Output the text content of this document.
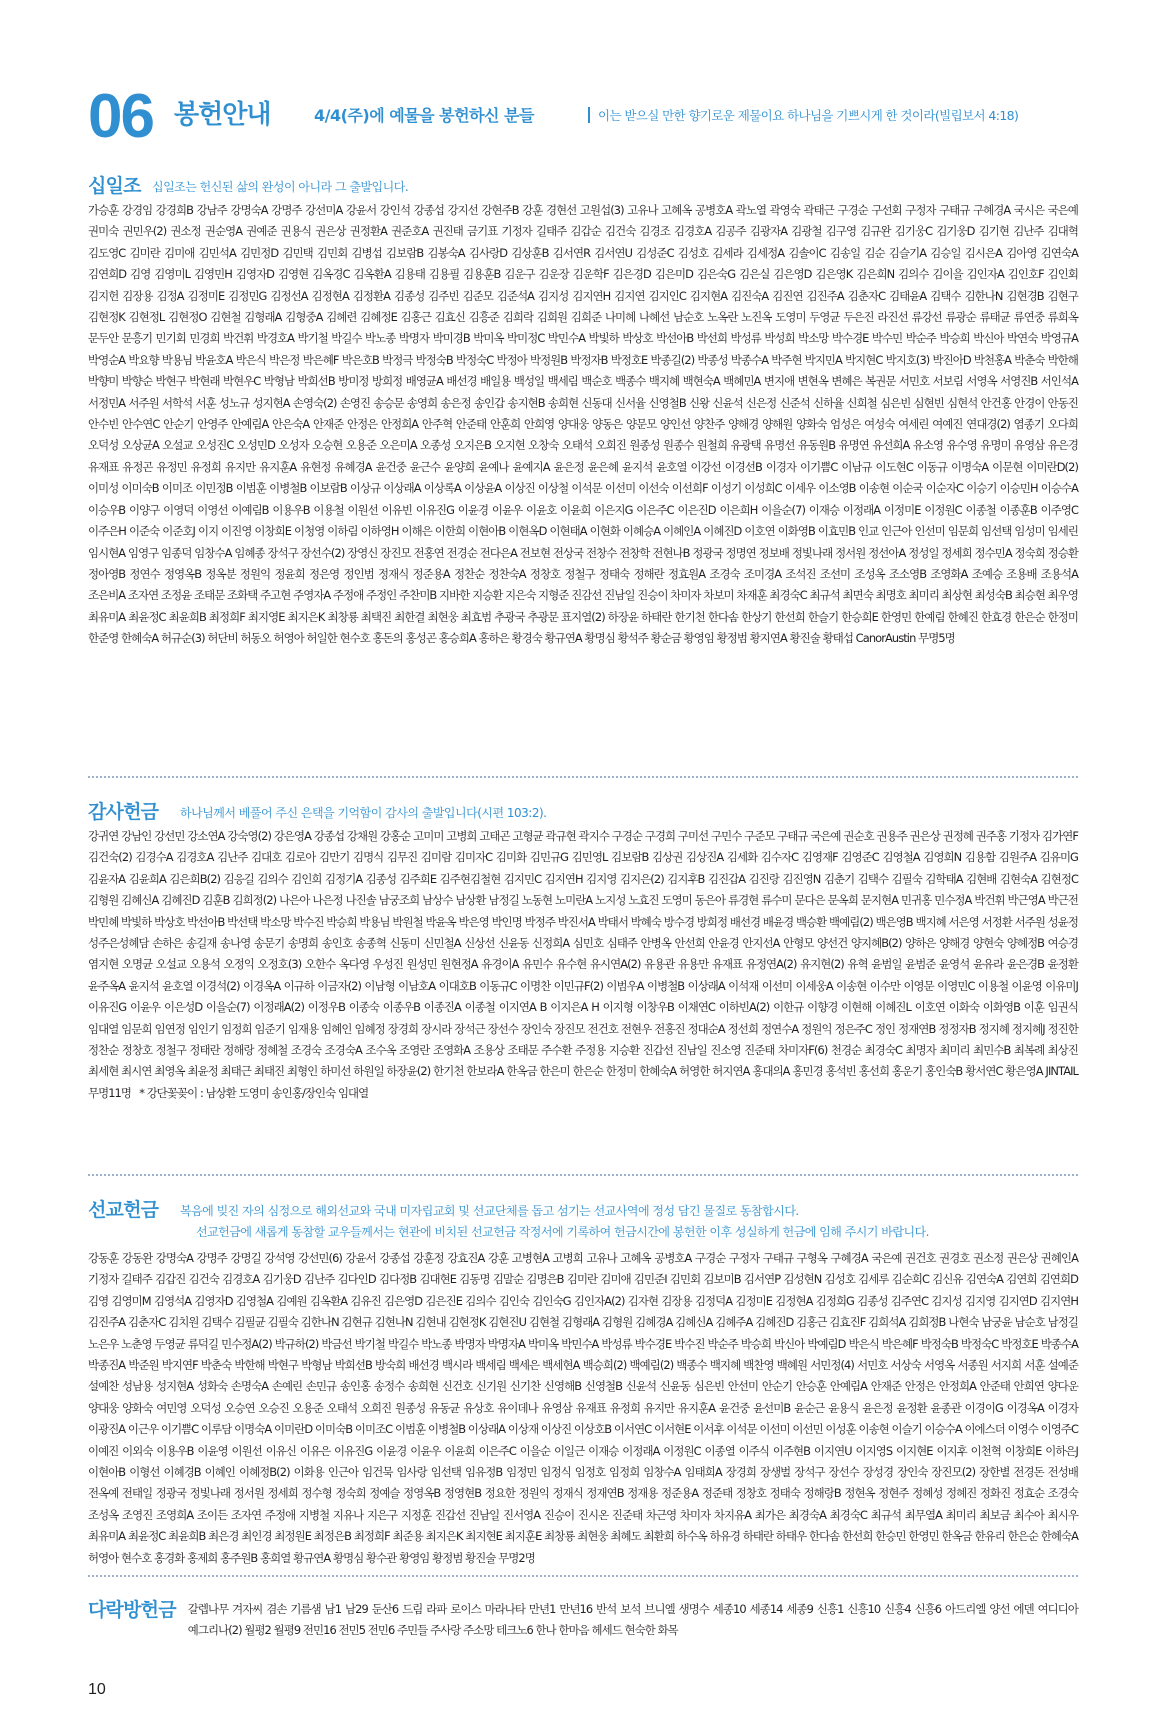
06 봉헌안내	4/4(주)에 예물을 봉헌하신 분들	이는 받으실 만한 향기로운 제물이요 하나님을 기쁘시게 한 것이라(빌립보서 4:18)
십일조 십일조는 헌신된 삶의 완성이 아니라 그 출발입니다.
가승훈 강경임 강경희B 강남주 강명숙A 강명주 강선미A 강윤서 강인석 강종섭 강지선 강현주B 강훈 경현선 고원섭(3) 고유나 고혜옥 공병호A 곽노열 곽영숙 곽태근 구경순 구선회 구정자 구태규 구혜경A 국시은 국은예 권미숙 권민우(2) 권소정 권순영A 권예준 권용식 권은상 권정환A 권준호A 권진태 금기표 기정자 길태주 김갑순 김건숙 김경조 김경호A 김공주 김광자A 김광철 김구영 김규완 김기웅C 김기웅D 김기현 김난주 김대혁 김도영C 김미란 김미애 김민석A 김민정D 김민택 김민회 김병섭 김보람B 김봉숙A 김사랑D 김상훈B 김서연R 김서연U 김성준C 김성호 김세라 김세정A 김솔이C 김송일 김순 김슬기A 김승일 김시은A 김아영 김연숙A 김연희D 김영 김영미L 김영민H 김영자D 김영현 김옥경C 김옥환A 김용태 김용필 김용훈B 김운구 김운장 김운학F 김은경D 김은미D 김은숙G 김은실 김은영D 김은영K 김은희N 김의수 김이을 김인자A 김인호F 김인회 김지헌 김장용 김정A 김정미E 김정민G 김정선A 김정현A 김정환A 김종성 김주빈 김준모 김준석A 김지성 김지연H 김지연 김지인C 김지현A 김진숙A 김진연 김진주A 김춘자C 김태윤A 김택수 김한나N 김현경B 김현구 김현정K 김현정L 김현정O 김현철 김형래A 김형중A 김혜련 김혜정E 김홍근 김효신 김흥준 김희락 김희원 김희준 나미혜 나혜선 남순호 노옥란 노진옥 도영미 두영균 두은진 라진선 류강선 류광순 류태균 류연중 류희옥 문두안 문흥기 민기회 민경희 박건휘 박경호A 박기철 박길수 박노종 박명자 박미경B 박미옥 박미정C 박민수A 박빛하 박상호 박선아B 박선희 박성류 박성희 박소망 박수경E 박수민 박순주 박승희 박신아 박연숙 박영규A 박영순A 박요향 박용님 박윤호A 박은식 박은정 박은혜F 박은호B 박정극 박정숙B 박정숙C 박정아 박정원B 박정자B 박정호E 박종길(2) 박종성 박종수A 박주현 박지민A 박지현C 박지호(3) 박진아D 박천홍A 박춘숙 박한해 박향미 박향순 박현구 박현래 박현우C 박형남 박희선B 방미정 방희정 배영균A 배선경 배일용 백성일 백세림 백순호 백종수 백지혜 백현숙A 백혜민A 변지애 변현옥 변혜은 복권문 서민호 서보림 서영옥 서영진B 서인석A 서정민A 서주원 서학석 서훈 성노규 성지현A 손영숙(2) 손영진 송승문 송영희 송은정 송인갑 송지현B 송희현 신동대 신서율 신영철B 신왕 신윤석 신은정 신준석 신하율 신희철 심은빈 심현빈 심현석 안건홍 안경이 안동진 안수빈 안수연C 안순기 안영주 안예림A 안은숙A 안재준 안정은 안정희A 안주혁 안준태 안훈희 안희영 양대웅 양동은 양문모 양인선 양찬주 양해경 양해원 양화숙 엄성은 여성숙 여세린 여예진 연대경(2) 염종기 오다희 오덕성 오상균A 오설교 오성진C 오성민D 오성자 오승현 오용준 오은미A 오종성 오지은B 오지현 오창숙 오태석 오희진 원종성 원종수 원철희 유광택 유명선 유동원B 유명연 유선희A 유소영 유수영 유명미 유영삼 유은경 유재표 유정곤 유정민 유정희 유지만 유지훈A 유현정 유혜경A 윤건중 윤근수 윤양희 윤예나 윤예지A 윤은정 윤은혜 윤지석 윤호열 이강선 이경선B 이경자 이기쁨C 이남규 이도현C 이동규 이명숙A 이문현 이미란D(2) 이미성 이미숙B 이미조 이민정B 이범훈 이병철B 이보람B 이상규 이상래A 이상록A 이상윤A 이상진 이상철 이석문 이선미 이선숙 이선희F 이성기 이성희C 이세우 이소영B 이송현 이순국 이순자C 이승기 이승민H 이승수A 이승우B 이양구 이영덕 이영선 이예림B 이용우B 이용철 이원선 이유빈 이유진G 이윤경 이윤우 이윤호 이윤희 이은지G 이은주C 이은진D 이은희H 이을순(7) 이재승 이정래A 이정미E 이정원C 이종철 이종훈B 이주영C 이주은H 이준숙 이준호J 이지 이진영 이창희E 이청영 이하림 이하영H 이해은 이한희 이현아B 이현옥D 이현태A 이현화 이혜승A 이혜인A 이혜진D 이호연 이화영B 이효민B 인교 인근아 인선미 임문희 임선택 임성미 임세린 임시현A 임영구 임종덕 임창수A 임혜종 장석구 장선수(2) 장영신 장진모 전홍연 전경순 전다은A 전보현 전상국 전창수 전창학 전현나B 정광국 정명연 정보배 정빛나래 정서원 정선아A 정성일 정세희 정수민A 정숙희 정승환 정아영B 정연수 정영옥B 정옥분 정원익 정윤희 정은영 정인범 정재식 정준용A 정찬순 정찬숙A 정창호 정철구 정태숙 정해란 정효원A 조경숙 조미경A 조석진 조선미 조성옥 조소영B 조영화A 조예승 조용배 조용석A 조은비A 조자연 조정윤 조태문 조화택 주고현 주영자A 주정애 주정인 주찬미B 지바한 지승환 지은숙 지형준 진감선 진남일 진승이 차미자 차보미 차재훈 최경숙C 최규석 최면숙 최명호 최미리 최상현 최성숙B 최승현 최우영 최유미A 최윤정C 최윤희B 최정희F 최지영E 최지은K 최창룡 최택진 최한결 최현웅 최효범 추광국 추광문 표지열(2) 하장윤 하태란 한기천 한다솜 한상기 한선희 한슬기 한승희E 한영민 한예림 한혜진 한효경 한은순 한정미 한준영 한혜숙A 허규순(3) 허단비 허동오 허영아 허일한 현수호 홍돈의 홍성곤 홍승희A 홍하은 황경숙 황규연A 황명심 황석주 황순금 황영임 황정범 황지연A 황진술 황태섭 CanorAustin 무명5명
감사헌금 하나님께서 베풀어 주신 은택을 기억함이 감사의 출발입니다(시편 103:2).
강귀연 강남인 강선민 강소연A 강숙영(2) 강은영A 강종섭 강채원 강홍순 고미미 고병희 고태곤 고형균 곽규현 곽지수 구경순 구경희 구미선 구민수 구준모 구태규 국은예 권순호 권용주 권은상 권정혜 권주홍 기정자 김가연F 김건숙(2) 김경수A 김경호A 김난주 김대호 김로아 김만기 김명식 김무진 김미람 김미자C 김미화 김민규G 김민영L 김보람B 김상권 김상진A 김세화 김수자C 김영재F 김영준C 김영철A 김영희N 김용함 김원주A 김유미G 김윤자A 김윤희A 김은희B(2) 김응길 김의수 김인희 김정기A 김종성 김주희E 김주현김철현 김지민C 김지연H 김지영 김지은(2) 김지후B 김진갑A 김진랑 김진영N 김춘기 김택수 김필숙 김학태A 김현배 김현숙A 김현정C 김형원 김혜신A 김혜진D 김훈B 김희정(2) 나은아 나은정 나진솔 남궁조희 남상수 남상환 남정길 노동현 노미란A 노지성 노효진 도영미 동은아 류경현 류수미 문다은 문옥희 문지현A 민귀홍 민수정A 박건휘 박근영A 박근전 박민혜 박빛하 박상호 박선아B 박선택 박소망 박수진 박승희 박용님 박원철 박윤옥 박은영 박인명 박정주 박진서A 박태서 박혜숙 방수경 방희정 배선경 배윤경 백승환 백예림(2) 백은영B 백지혜 서은영 서정환 서주원 성윤정 성주은성혜담 손하은 송길재 송나영 송문기 송명희 송인호 송종혁 신동미 신민철A 신상선 신윤동 신정희A 심민호 심태주 안병옥 안선희 안윤경 안지선A 안형모 양선건 양지혜B(2) 양하은 양해경 양현숙 양혜정B 여승경 염지현 오명균 오설교 오용석 오정익 오정호(3) 오한수 옥다영 우성진 원성민 원현정A 유경이A 유민수 유수현 유시연A(2) 유용관 유용만 유재표 유정연A(2) 유지현(2) 유혁 윤범일 윤범준 윤영석 윤유라 윤은경B 윤정환 윤주옥A 윤지석 윤호열 이경석(2) 이경옥A 이규하 이금자(2) 이남형 이남호A 이대호B 이동규C 이명찬 이민규F(2) 이범우A 이병철B 이상래A 이석재 이선미 이세웅A 이송현 이수만 이영문 이영민C 이용철 이윤영 이유미J 이유진G 이윤우 이은성D 이을순(7) 이정래A(2) 이정우B 이종숙 이종우B 이종진A 이종철 이지연A B 이지은A H 이지형 이창우B 이채연C 이하빈A(2) 이한규 이향경 이현해 이혜진L 이호연 이화숙 이화영B 이훈 임권식 임대열 임문희 임연정 임인기 임정희 임준기 임재용 임혜인 임혜정 장경희 장시라 장석근 장선수 장인숙 장진모 전건호 전현우 전홍진 정대순A 정선희 정연수A 정원익 정은주C 정인 정재연B 정정자B 정지혜 정지혜J 정진한 정찬순 정창호 정철구 정태란 정해랑 정혜철 조경숙 조경숙A 조수옥 조영란 조영화A 조용상 조태문 주수환 주정용 지승환 진갑선 진남일 진소영 진준태 차미자F(6) 천경순 최경숙C 최명자 최미리 최민수B 최복례 최상진 최세현 최시연 최영옥 최윤정 최태근 최태진 최형인 하미선 하원일 하장윤(2) 한기천 한보라A 한옥금 한은미 한은순 한정미 한혜숙A 허영한 허지연A 홍대의A 홍민경 홍석빈 홍선희 홍운기 홍인숙B 황서연C 황은영A JINTAIL 무명11명 * 강단꽃꽂이 : 남상환 도영미 송인홍/장인숙 임대열
선교헌금 복음에 빚진 자의 심정으로 해외선교와 국내 미자립교회 및 선교단체를 돕고 섬기는 선교사역에 정성 담긴 물질로 동참합시다.
선교헌금에 새롭게 동참할 교우들께서는 현관에 비치된 선교헌금 작정서에 기록하여 헌금시간에 봉헌한 이후 성실하게 헌금에 임해 주시기 바랍니다.
강동훈 강동완 강명숙A 강명주 강명길 강석영 강선민(6) 강윤서 강종섭 강훈정 강효진A 강훈 고병현A 고병희 고유나 고혜옥 공병호A 구경순 구정자 구태규 구형옥 구혜경A 국은예 권건호 권경호 권소정 권은상 권혜인A 기정자 길태주 김갑진 김건숙 김경호A 김기웅D 김난주 김다인D 김다정B 김대현E 김동명 김말순 김명은B 김미란 김미애 김민준I 김민회 김보미B 김서연P 김성현N 김성호 김세루 김순희C 김신유 김연숙A 김연희 김연희D 김영 김영미M 김영석A 김영자D 김영철A 김예원 김옥환A 김유진 김은영D 김은진E 김의수 김인숙 김인숙G 김인자A(2) 김자현 김장용 김정덕A 김정미E 김정현A 김정희G 김종성 김주연C 김지성 김지영 김지연D 김지연H 김진주A 김춘자C 김치원 김택수 김필균 김필숙 김한나N 김현규 김현나N 김현내 김현정K 김현진U 김현철 김형래A 김형원 김혜경A 김혜신A 김혜주A 김혜진D 김홍근 김효진F 김희석A 김희정B 나현숙 남궁윤 남순호 남정길 노은우 노춘영 두영균 류덕길 민수정A(2) 박규하(2) 박금선 박기철 박길수 박노종 박명자 박명자A 박미옥 박민수A 박성류 박수경E 박수진 박순주 박승희 박신아 박예림D 박은식 박은혜F 박정숙B 박정숙C 박정호E 박종수A 박종진A 박준원 박지연F 박춘숙 박한해 박현구 박형남 박희선B 방숙희 배선경 백시라 백세림 백세은 백세현A 백승희(2) 백예림(2) 백종수 백지혜 백찬영 백혜원 서민정(4) 서민호 서상숙 서영옥 서종원 서지희 서훈 설예준 설예찬 성남용 성지현A 성화숙 손명숙A 손예린 손민규 송인홍 송정수 송희현 신건호 신기원 신기찬 신영해B 신영철B 신윤석 신윤동 심은빈 안선미 안순기 안승훈 안예림A 안재준 안정은 안정희A 안준태 안희연 양다운 양대웅 양화숙 여민영 오덕성 오승연 오승진 오용준 오태석 오희진 원종성 유동균 유상호 유이데나 유영삼 유재표 유정희 유지만 유지훈A 윤건중 윤선미B 윤순근 윤용식 윤은정 윤정환 윤종관 이경이G 이경옥A 이경자 이광진A 이근우 이기쁨C 이루담 이명숙A 이미란D 이미숙B 이미조C 이범훈 이병철B 이상래A 이상재 이상진 이상호B 이서연C 이서현E 이서후 이석문 이선미 이선민 이성훈 이송현 이슬기 이승수A 이에스더 이영수 이영주C 이예진 이외숙 이용우B 이윤영 이원선 이유신 이유은 이유진G 이윤경 이윤우 이윤희 이은주C 이을순 이일근 이재승 이정래A 이정원C 이종열 이주식 이주현B 이지연U 이지영S 이지현E 이지후 이천혁 이창희E 이하은J 이현아B 이형선 이혜경B 이혜인 이혜정B(2) 이화용 인근아 임건묵 임사랑 임선택 임유정B 임정민 임정식 임정호 임정희 임창수A 임태희A 장경희 장생벌 장석구 장선수 장성경 장인숙 장진모(2) 장한별 전경돈 전성배 전옥예 전태일 정광국 정빛나래 정서원 정세희 정수형 정숙희 정예슬 정영옥B 정영현B 정요한 정원익 정재식 정재연B 정재용 정준용A 정준태 정창호 정태숙 정해랑B 정현옥 정현주 정혜성 정혜진 정화진 정효순 조경숙 조성옥 조영진 조영희A 조이든 조자연 주정애 지병철 지유나 지은구 지정훈 진갑선 진남일 진서영A 진승이 진시온 진준태 차근영 차미자 차지유A 최가은 최경숙A 최경숙C 최규석 최무열A 최미리 최보금 최수아 최시우 최유미A 최윤정C 최윤희B 최은경 최인경 최정원E 최정은B 최정희F 최준용 최지은K 최지현E 최지훈E 최창룡 최현웅 최혜도 최환희 하수옥 하유경 하태란 하태우 한다솜 한선희 한승민 한영민 한옥금 한유리 한은순 한혜숙A 허영아 현수호 홍경화 홍제희 홍주원B 홍희열 황규연A 황명심 황수관 황영임 황정범 황진술 무명2명
다락방헌금 갈렙나무 겨자씨 겸손 기름샘 남1 남29 둔산6 드림 라파 로이스 마라나타 만년1 만년16 반석 보석 브니엘 생명수 세종10 세종14 세종9 신흥1 신흥10 신흥4 신흥6 아드리엘 양선 에덴 여디디아 예그리나(2) 월평2 월평9 전민16 전민5 전민6 주민들 주사랑 주소망 테크노6 한나 한마음 헤세드 현숙한 화목
10
